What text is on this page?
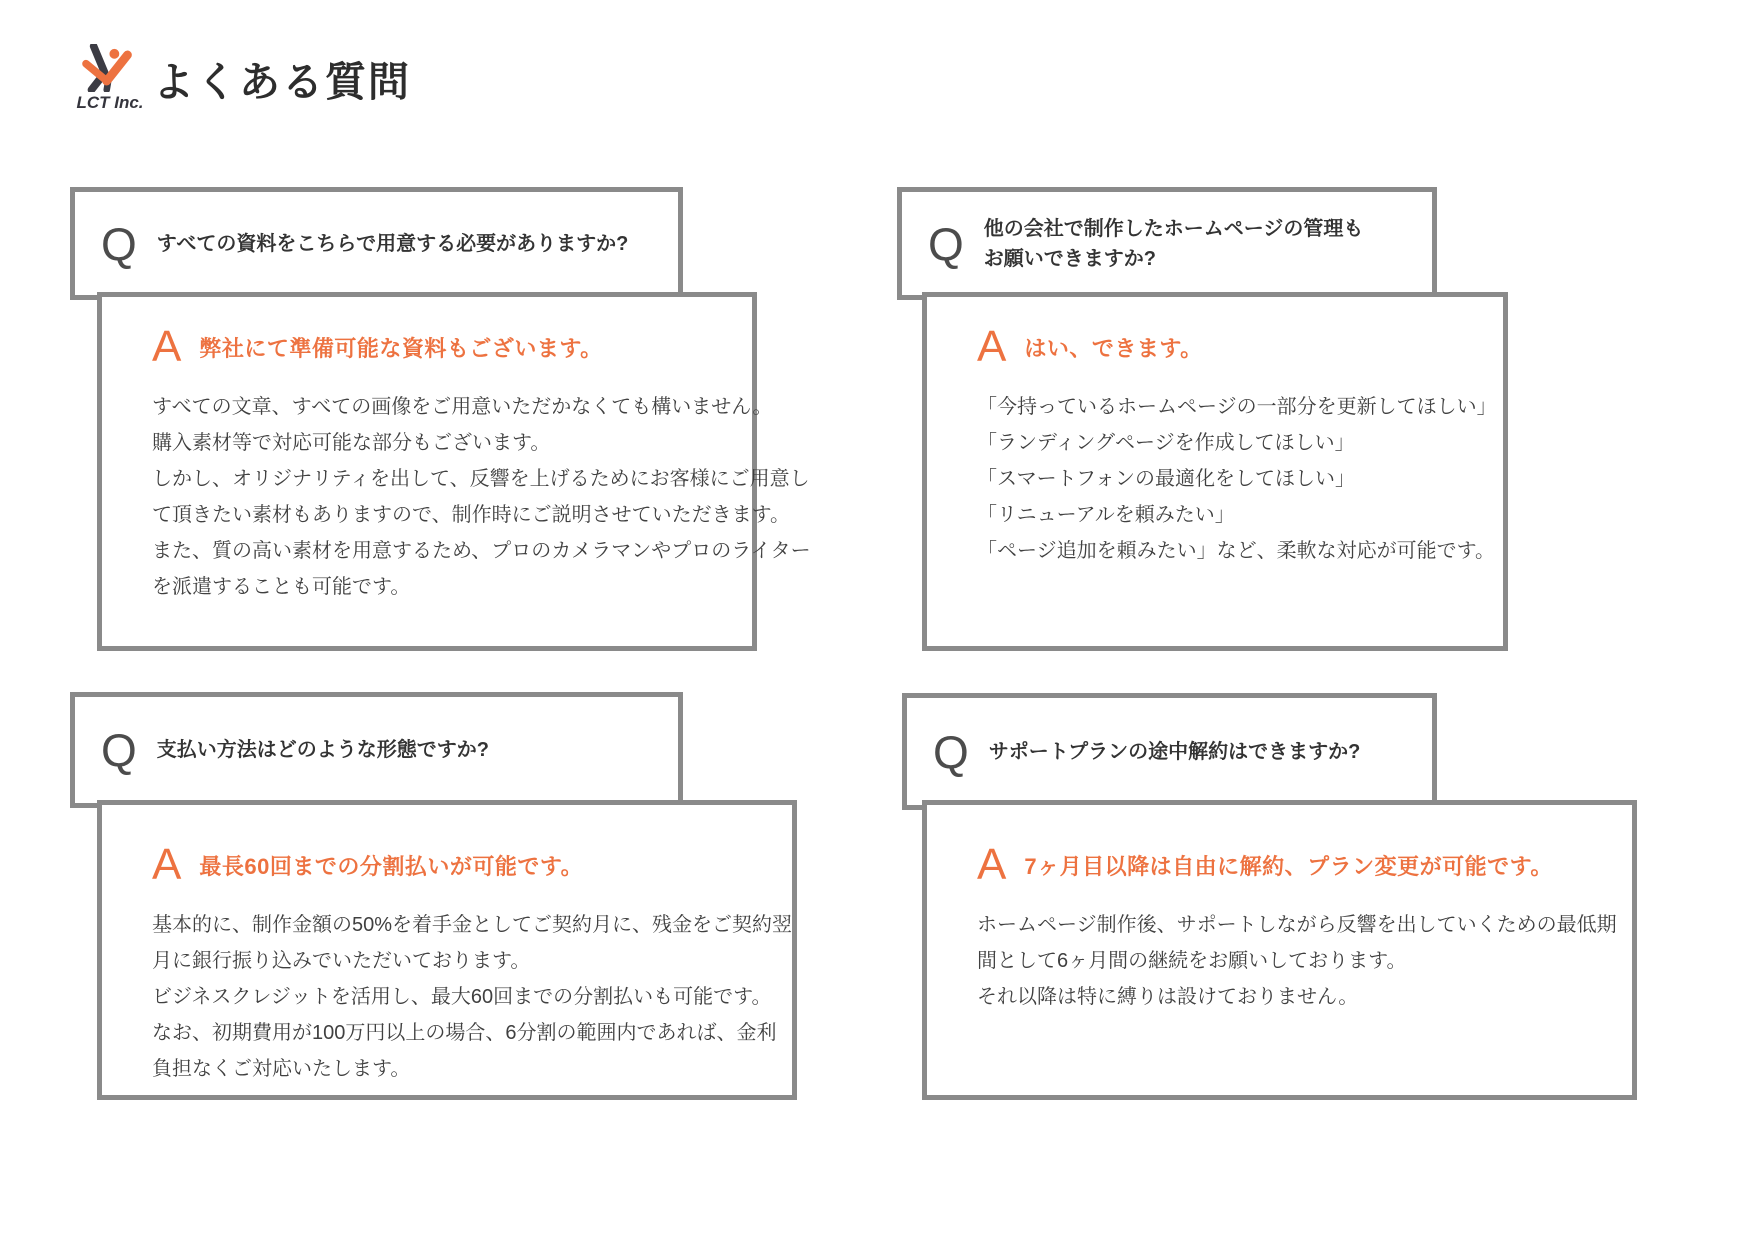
LCT Inc. よくある質問
Q すべての資料をこちらで用意する必要がありますか?
A 弊社にて準備可能な資料もございます。
すべての文章、すべての画像をご用意いただかなくても構いません。
購入素材等で対応可能な部分もございます。
しかし、オリジナリティを出して、反響を上げるためにお客様にご用意し
て頂きたい素材もありますので、制作時にご説明させていただきます。
また、質の高い素材を用意するため、プロのカメラマンやプロのライター
を派遣することも可能です。
Q 他の会社で制作したホームページの管理も
お願いできますか?
A はい、できます。
「今持っているホームページの一部分を更新してほしい」
「ランディングページを作成してほしい」
「スマートフォンの最適化をしてほしい」
「リニューアルを頼みたい」
「ページ追加を頼みたい」など、柔軟な対応が可能です。
Q 支払い方法はどのような形態ですか?
A 最長60回までの分割払いが可能です。
基本的に、制作金額の50%を着手金としてご契約月に、残金をご契約翌
月に銀行振り込みでいただいております。
ビジネスクレジットを活用し、最大60回までの分割払いも可能です。
なお、初期費用が100万円以上の場合、6分割の範囲内であれば、金利
負担なくご対応いたします。
Q サポートプランの途中解約はできますか?
A 7ヶ月目以降は自由に解約、プラン変更が可能です。
ホームページ制作後、サポートしながら反響を出していくための最低期
間として6ヶ月間の継続をお願いしております。
それ以降は特に縛りは設けておりません。
